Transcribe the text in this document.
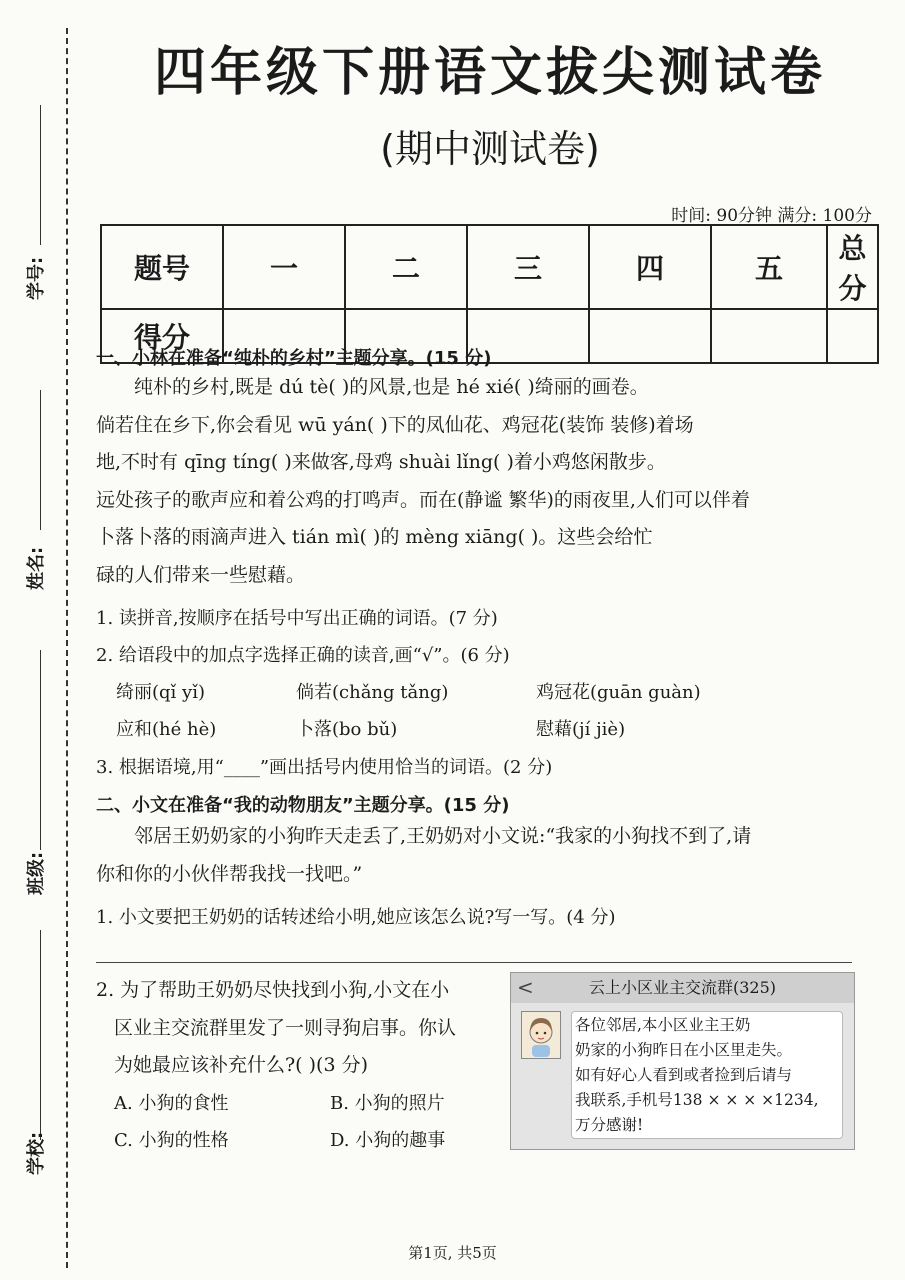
学号:
姓名:
班级:
学校:
四年级下册语文拔尖测试卷
(期中测试卷)
时间: 90分钟 满分: 100分
题号	一	二	三	四	五	总分
得分						
一、小林在准备“纯朴的乡村”主题分享。(15 分)

纯朴的乡村,既是 dú tè( )的风景,也是 hé xié( )绮丽的画卷。

倘若住在乡下,你会看见 wū yán( )下的凤仙花、鸡冠花(装饰 装修)着场

地,不时有 qīng tíng( )来做客,母鸡 shuài lǐng( )着小鸡悠闲散步。

远处孩子的歌声应和着公鸡的打鸣声。而在(静谧 繁华)的雨夜里,人们可以伴着

卜落卜落的雨滴声进入 tián mì( )的 mèng xiāng( )。这些会给忙

碌的人们带来一些慰藉。

1. 读拼音,按顺序在括号中写出正确的词语。(7 分)
2. 给语段中的加点字选择正确的读音,画“√”。(6 分)
绮丽(qǐ yǐ)	倘若(chǎng tǎng)	鸡冠花(guān guàn)
应和(hé hè)	卜落(bo bǔ)	慰藉(jí jiè)
3. 根据语境,用“____”画出括号内使用恰当的词语。(2 分)
二、小文在准备“我的动物朋友”主题分享。(15 分)

邻居王奶奶家的小狗昨天走丢了,王奶奶对小文说:“我家的小狗找不到了,请

你和你的小伙伴帮我找一找吧。”

1. 小文要把王奶奶的话转述给小明,她应该怎么说?写一写。(4 分)

2. 为了帮助王奶奶尽快找到小狗,小文在小

区业主交流群里发了一则寻狗启事。你认

为她最应该补充什么?( )(3 分)

A. 小狗的食性	B. 小狗的照片
C. 小狗的性格	D. 小狗的趣事
云上小区业主交流群(325)
<

各位邻居,本小区业主王奶

奶家的小狗昨日在小区里走失。

如有好心人看到或者捡到后请与

我联系,手机号138 × × × ×1234,

万分感谢!

第1页, 共5页
